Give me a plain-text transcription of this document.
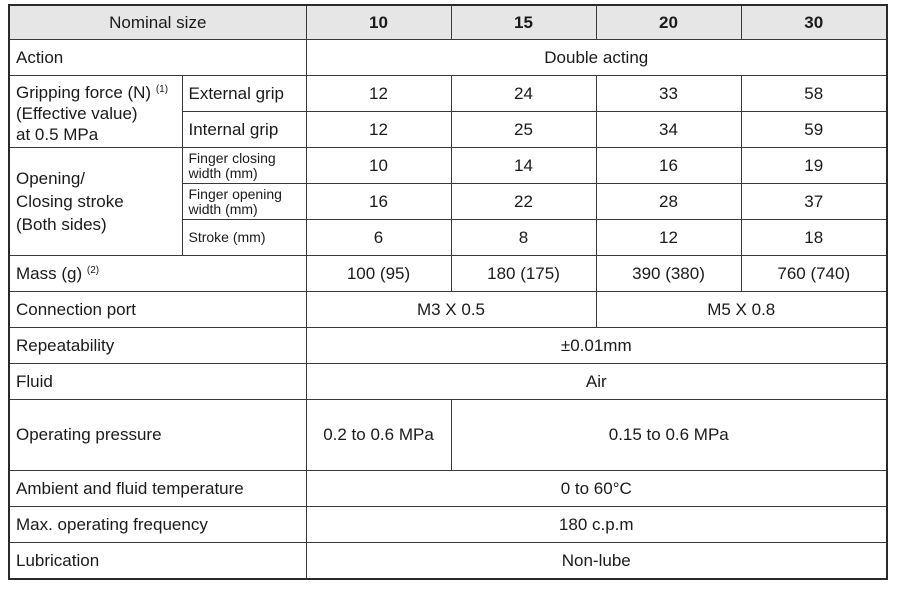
Nominal size		10	15	20	30
Action		Double acting			
Gripping force (N) $^{(1)}$
(Effective value)
at 0.5 MPa	External grip	12	24	33	58
	Internal grip	12	25	34	59
Opening/
Closing stroke
(Both sides)	Finger closing
width (mm)	10	14	16	19
	Finger opening
width (mm)	16	22	28	37
	Stroke (mm)	6	8	12	18
Mass (g) $^{(2)}$		100 (95)	180 (175)	390 (380)	760 (740)
Connection port		M3 X 0.5		M5 X 0.8	
Repeatability		±0.01mm			
Fluid		Air			
Operating pressure		0.2 to 0.6 MPa	0.15 to 0.6 MPa		
Ambient and fluid temperature		0 to 60°C			
Max. operating frequency		180 c.p.m			
Lubrication		Non-lube			
